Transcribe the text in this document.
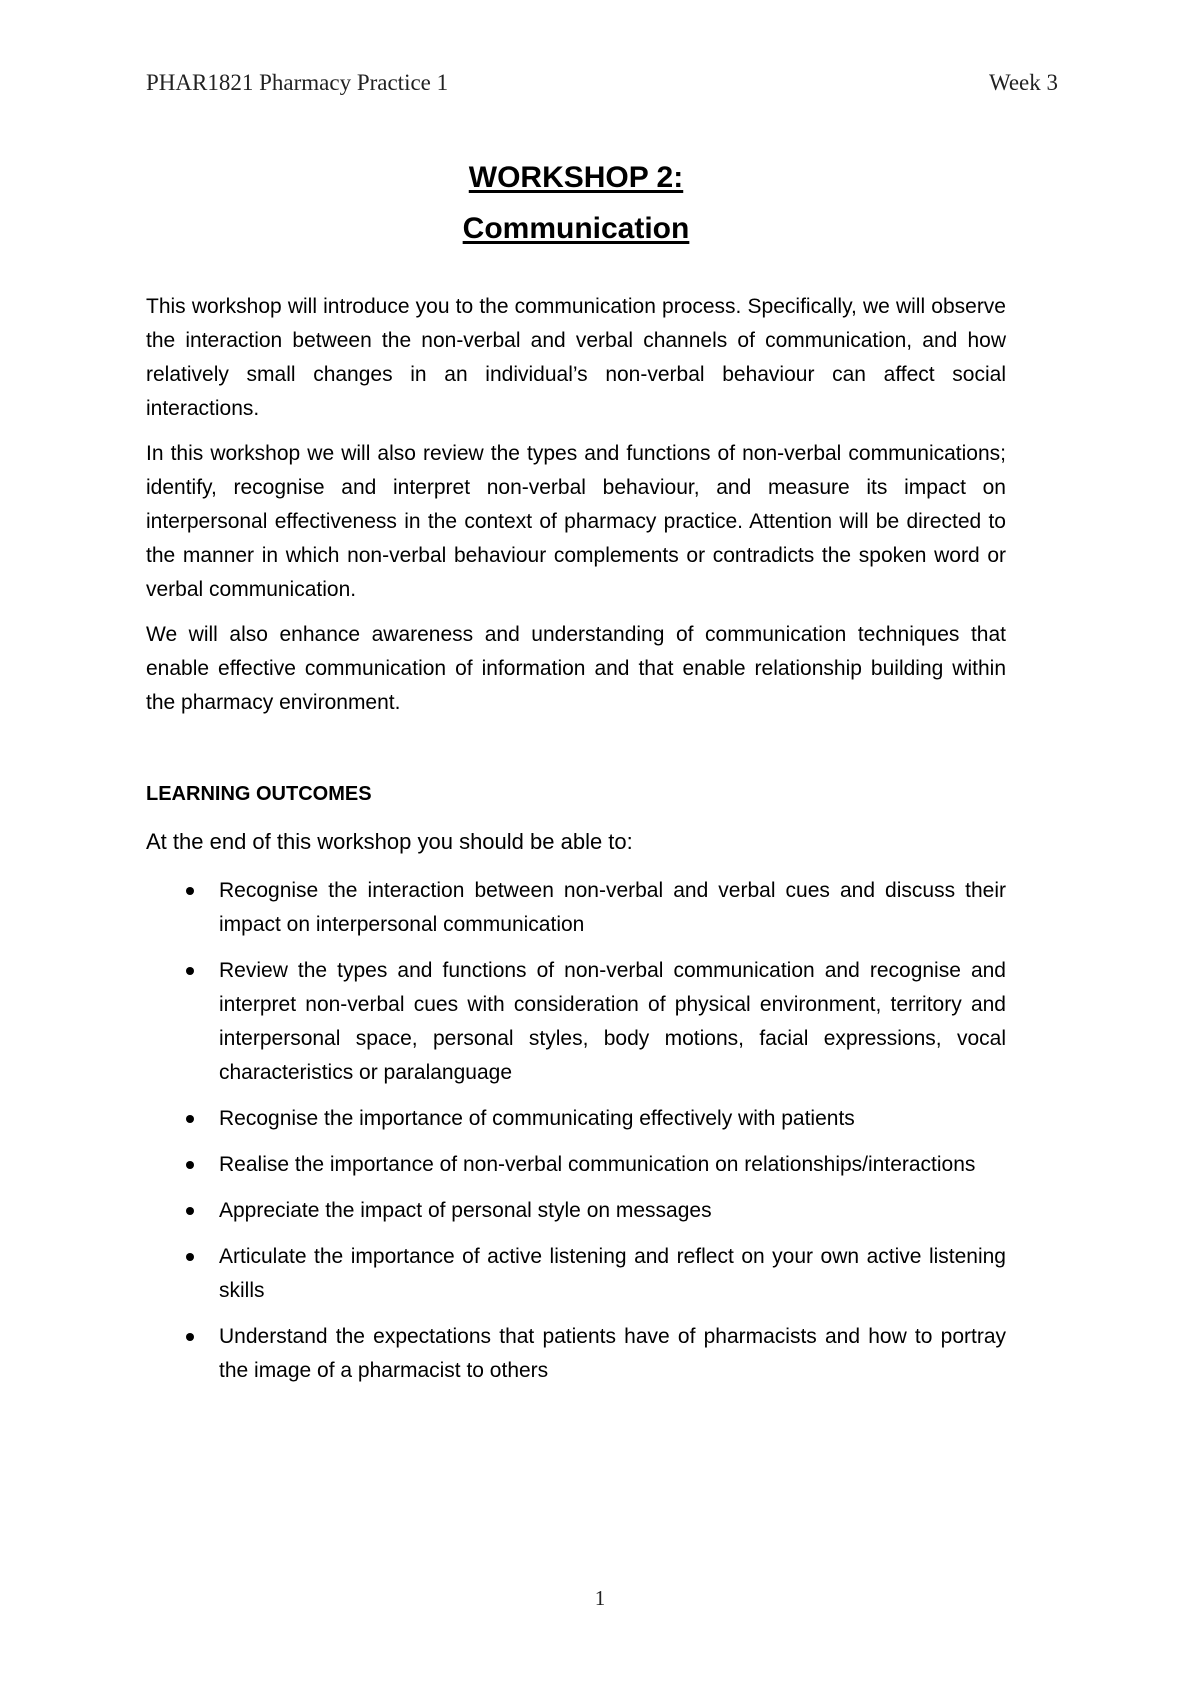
PHAR1821 Pharmacy Practice 1	Week 3
WORKSHOP 2:
Communication

This workshop will introduce you to the communication process. Specifically, we will observe the interaction between the non-verbal and verbal channels of communication, and how relatively small changes in an individual’s non-verbal behaviour can affect social interactions.

In this workshop we will also review the types and functions of non-verbal communications; identify, recognise and interpret non-verbal behaviour, and measure its impact on interpersonal effectiveness in the context of pharmacy practice. Attention will be directed to the manner in which non-verbal behaviour complements or contradicts the spoken word or verbal communication.

We will also enhance awareness and understanding of communication techniques that enable effective communication of information and that enable relationship building within the pharmacy environment.

LEARNING OUTCOMES
At the end of this workshop you should be able to:
Recognise the interaction between non-verbal and verbal cues and discuss their impact on interpersonal communication
Review the types and functions of non-verbal communication and recognise and interpret non-verbal cues with consideration of physical environment, territory and interpersonal space, personal styles, body motions, facial expressions, vocal characteristics or paralanguage
Recognise the importance of communicating effectively with patients
Realise the importance of non-verbal communication on relationships/interactions
Appreciate the impact of personal style on messages
Articulate the importance of active listening and reflect on your own active listening skills
Understand the expectations that patients have of pharmacists and how to portray the image of a pharmacist to others
1
